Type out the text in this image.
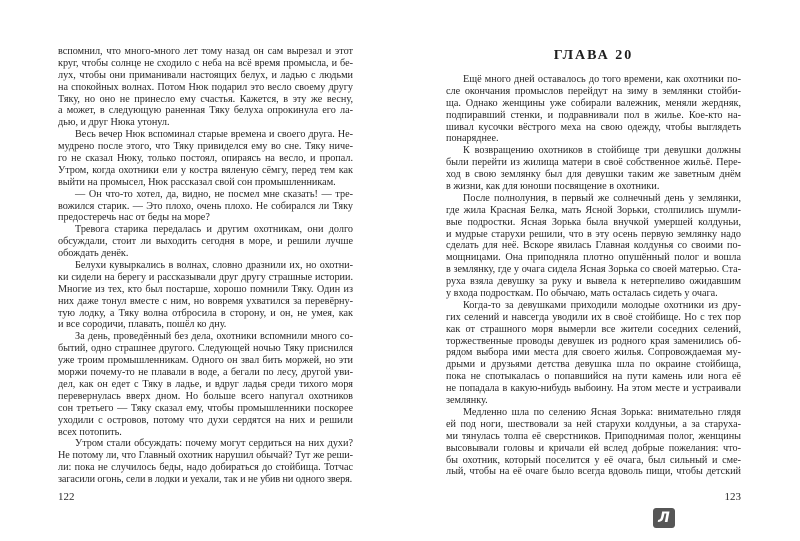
вспомнил, что много-много лет тому назад он сам вырезал и этот
круг, чтобы солнце не сходило с неба на всё время промысла, и бе-
лух, чтобы они приманивали настоящих белух, и ладью с людьми
на спокойных волнах. Потом Нюк подарил это весло своему другу
Тяку, но оно не принесло ему счастья. Кажется, в эту же весну,
а может, в следующую раненная Тяку белуха опрокинула его ла-
дью, и друг Нюка утонул.
Весь вечер Нюк вспоминал старые времена и своего друга. Не-
мудрено после этого, что Тяку привиделся ему во сне. Тяку ниче-
го не сказал Нюку, только постоял, опираясь на весло, и пропал.
Утром, когда охотники ели у костра вяленую сёмгу, перед тем как
выйти на промысел, Нюк рассказал свой сон промышленникам.
— Он что-то хотел, да, видно, не посмел мне сказать! — тре-
вожился старик. — Это плохо, очень плохо. Не собирался ли Тяку
предостеречь нас от беды на море?
Тревога старика передалась и другим охотникам, они долго
обсуждали, стоит ли выходить сегодня в море, и решили лучше
обождать денёк.
Белухи кувыркались в волнах, словно дразнили их, но охотни-
ки сидели на берегу и рассказывали друг другу страшные истории.
Многие из тех, кто был постарше, хорошо помнили Тяку. Один из
них даже тонул вместе с ним, но вовремя ухватился за перевёрну-
тую лодку, а Тяку волна отбросила в сторону, и он, не умея, как
и все сородичи, плавать, пошёл ко дну.
За день, проведённый без дела, охотники вспомнили много со-
бытий, одно страшнее другого. Следующей ночью Тяку приснился
уже троим промышленникам. Одного он звал бить моржей, но эти
моржи почему-то не плавали в воде, а бегали по лесу, другой уви-
дел, как он едет с Тяку в ладье, и вдруг ладья среди тихого моря
перевернулась вверх дном. Но больше всего напугал охотников
сон третьего — Тяку сказал ему, чтобы промышленники поскорее
уходили с островов, потому что духи сердятся на них и решили
всех потопить.
Утром стали обсуждать: почему могут сердиться на них духи?
Не потому ли, что Главный охотник нарушил обычай? Тут же реши-
ли: пока не случилось беды, надо добираться до стойбища. Тотчас
загасили огонь, сели в лодки и уехали, так и не убив ни одного зверя.
122
ГЛАВА 20
Ещё много дней оставалось до того времени, как охотники по-
сле окончания промыслов перейдут на зиму в землянки стойби-
ща. Однако женщины уже собирали валежник, меняли жердняк,
подпиравший стенки, и подравнивали пол в жилье. Кое-кто на-
шивал кусочки вёстрого меха на свою одежду, чтобы выглядеть
понаряднее.
К возвращению охотников в стойбище три девушки должны
были перейти из жилища матери в своё собственное жильё. Пере-
ход в свою землянку был для девушки таким же заветным днём
в жизни, как для юноши посвящение в охотники.
После полнолуния, в первый же солнечный день у землянки,
где жила Красная Белка, мать Ясной Зорьки, столпились шумли-
вые подростки. Ясная Зорька была внучкой умершей колдуньи,
и мудрые старухи решили, что в эту осень первую землянку надо
сделать для неё. Вскоре явилась Главная колдунья со своими по-
мощницами. Она приподняла плотно опушённый полог и вошла
в землянку, где у очага сидела Ясная Зорька со своей матерью. Ста-
руха взяла девушку за руку и вывела к нетерпеливо ожидавшим
у входа подросткам. По обычаю, мать осталась сидеть у очага.
Когда-то за девушками приходили молодые охотники из дру-
гих селений и навсегда уводили их в своё стойбище. Но с тех пор
как от страшного моря вымерли все жители соседних селений,
торжественные проводы девушек из родного края заменились об-
рядом выбора ими места для своего жилья. Сопровождаемая му-
дрыми и друзьями детства девушка шла по окраине стойбища,
пока не спотыкалась о попавшийся на пути камень или нога её
не попадала в какую-нибудь выбоину. На этом месте и устраивали
землянку.
Медленно шла по селению Ясная Зорька: внимательно глядя
ей под ноги, шествовали за ней старухи колдуньи, а за старуха-
ми тянулась толпа её сверстников. Приподнимая полог, женщины
высовывали головы и кричали ей вслед добрые пожелания: что-
бы охотник, который поселится у её очага, был сильный и сме-
лый, чтобы на её очаге было всегда вдоволь пищи, чтобы детский
123
Л
